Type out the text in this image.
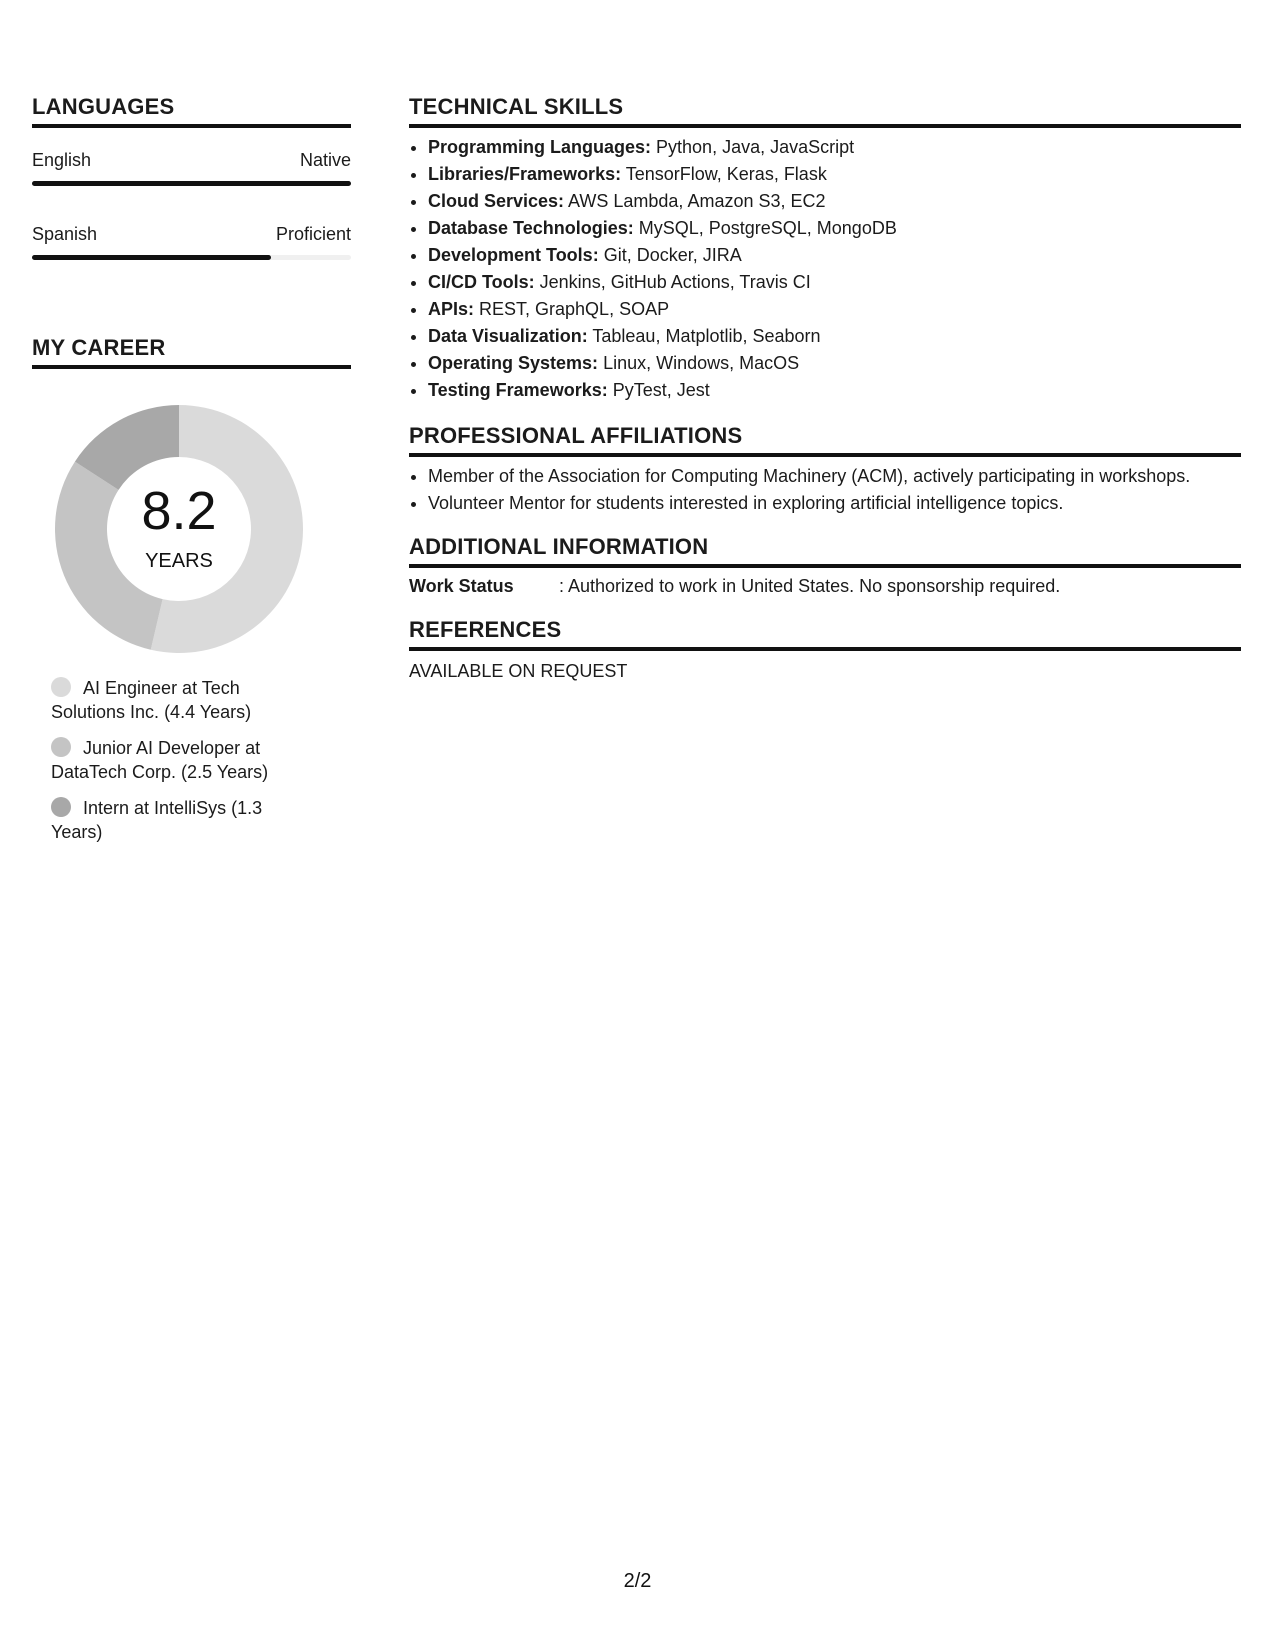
LANGUAGES
English	Native
Spanish	Proficient
MY CAREER
8.2
YEARS
AI Engineer at Tech Solutions Inc. (4.4 Years)
Junior AI Developer at DataTech Corp. (2.5 Years)
Intern at IntelliSys (1.3 Years)
TECHNICAL SKILLS
• Programming Languages: Python, Java, JavaScript
• Libraries/Frameworks: TensorFlow, Keras, Flask
• Cloud Services: AWS Lambda, Amazon S3, EC2
• Database Technologies: MySQL, PostgreSQL, MongoDB
• Development Tools: Git, Docker, JIRA
• CI/CD Tools: Jenkins, GitHub Actions, Travis CI
• APIs: REST, GraphQL, SOAP
• Data Visualization: Tableau, Matplotlib, Seaborn
• Operating Systems: Linux, Windows, MacOS
• Testing Frameworks: PyTest, Jest
PROFESSIONAL AFFILIATIONS
• Member of the Association for Computing Machinery (ACM), actively participating in workshops.
• Volunteer Mentor for students interested in exploring artificial intelligence topics.
ADDITIONAL INFORMATION
Work Status	: Authorized to work in United States. No sponsorship required.
REFERENCES
AVAILABLE ON REQUEST
2/2
